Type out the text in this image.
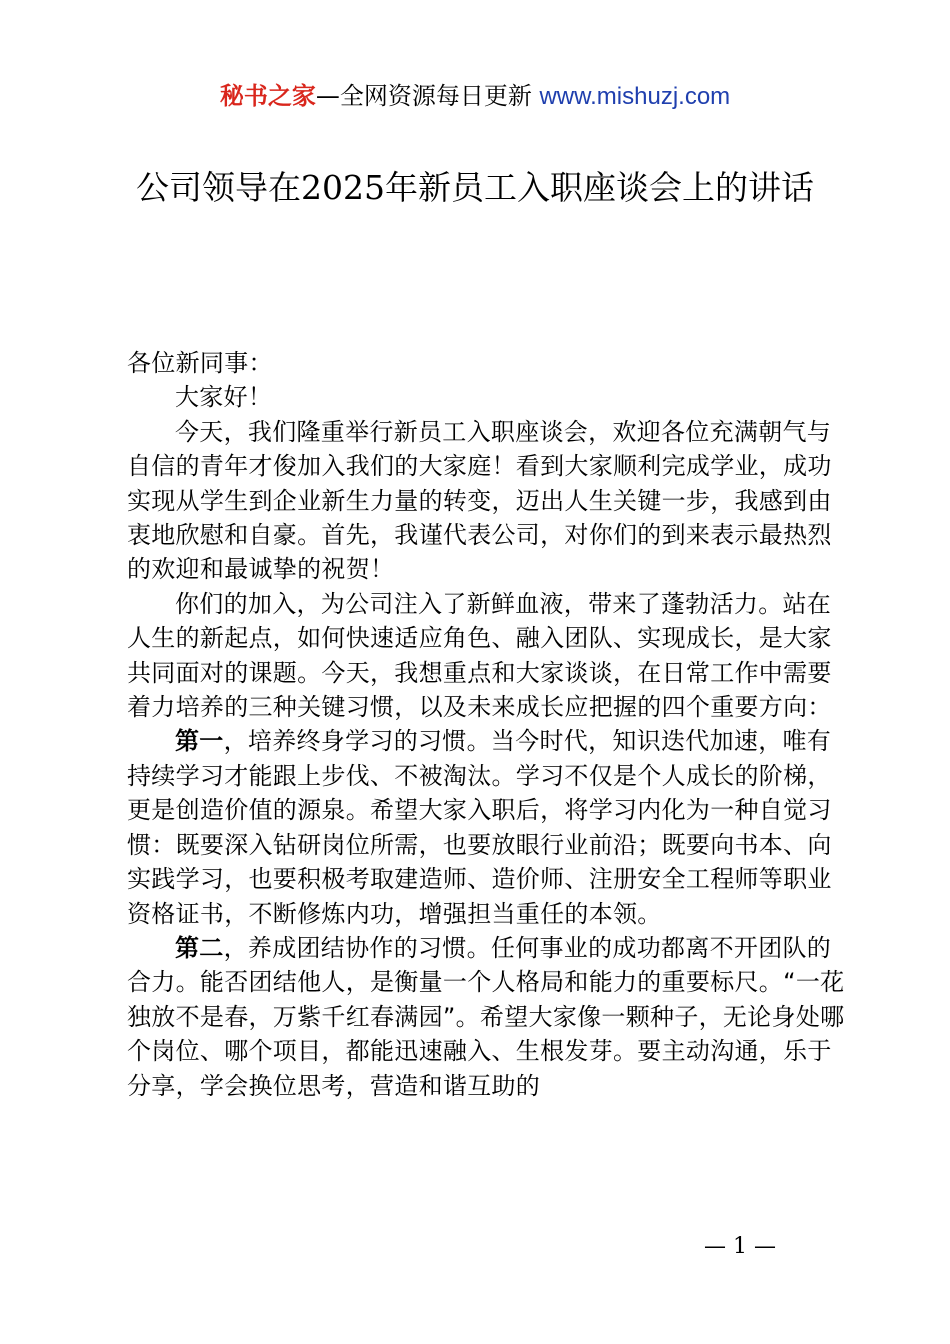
秘书之家—全网资源每日更新 www.mishuzj.com
公司领导在2025年新员工入职座谈会上的讲话

各位新同事：

大家好！

今天，我们隆重举行新员工入职座谈会，欢迎各位充满朝气与自信的青年才俊加入我们的大家庭！看到大家顺利完成学业，成功实现从学生到企业新生力量的转变，迈出人生关键一步，我感到由衷地欣慰和自豪。首先，我谨代表公司，对你们的到来表示最热烈的欢迎和最诚挚的祝贺！

你们的加入，为公司注入了新鲜血液，带来了蓬勃活力。站在人生的新起点，如何快速适应角色、融入团队、实现成长，是大家共同面对的课题。今天，我想重点和大家谈谈，在日常工作中需要着力培养的三种关键习惯，以及未来成长应把握的四个重要方向：

第一，培养终身学习的习惯。当今时代，知识迭代加速，唯有持续学习才能跟上步伐、不被淘汰。学习不仅是个人成长的阶梯，更是创造价值的源泉。希望大家入职后，将学习内化为一种自觉习惯：既要深入钻研岗位所需，也要放眼行业前沿；既要向书本、向实践学习，也要积极考取建造师、造价师、注册安全工程师等职业资格证书，不断修炼内功，增强担当重任的本领。

第二，养成团结协作的习惯。任何事业的成功都离不开团队的合力。能否团结他人，是衡量一个人格局和能力的重要标尺。“一花独放不是春，万紫千红春满园”。希望大家像一颗种子，无论身处哪个岗位、哪个项目，都能迅速融入、生根发芽。要主动沟通，乐于分享，学会换位思考，营造和谐互助的

— 1 —
